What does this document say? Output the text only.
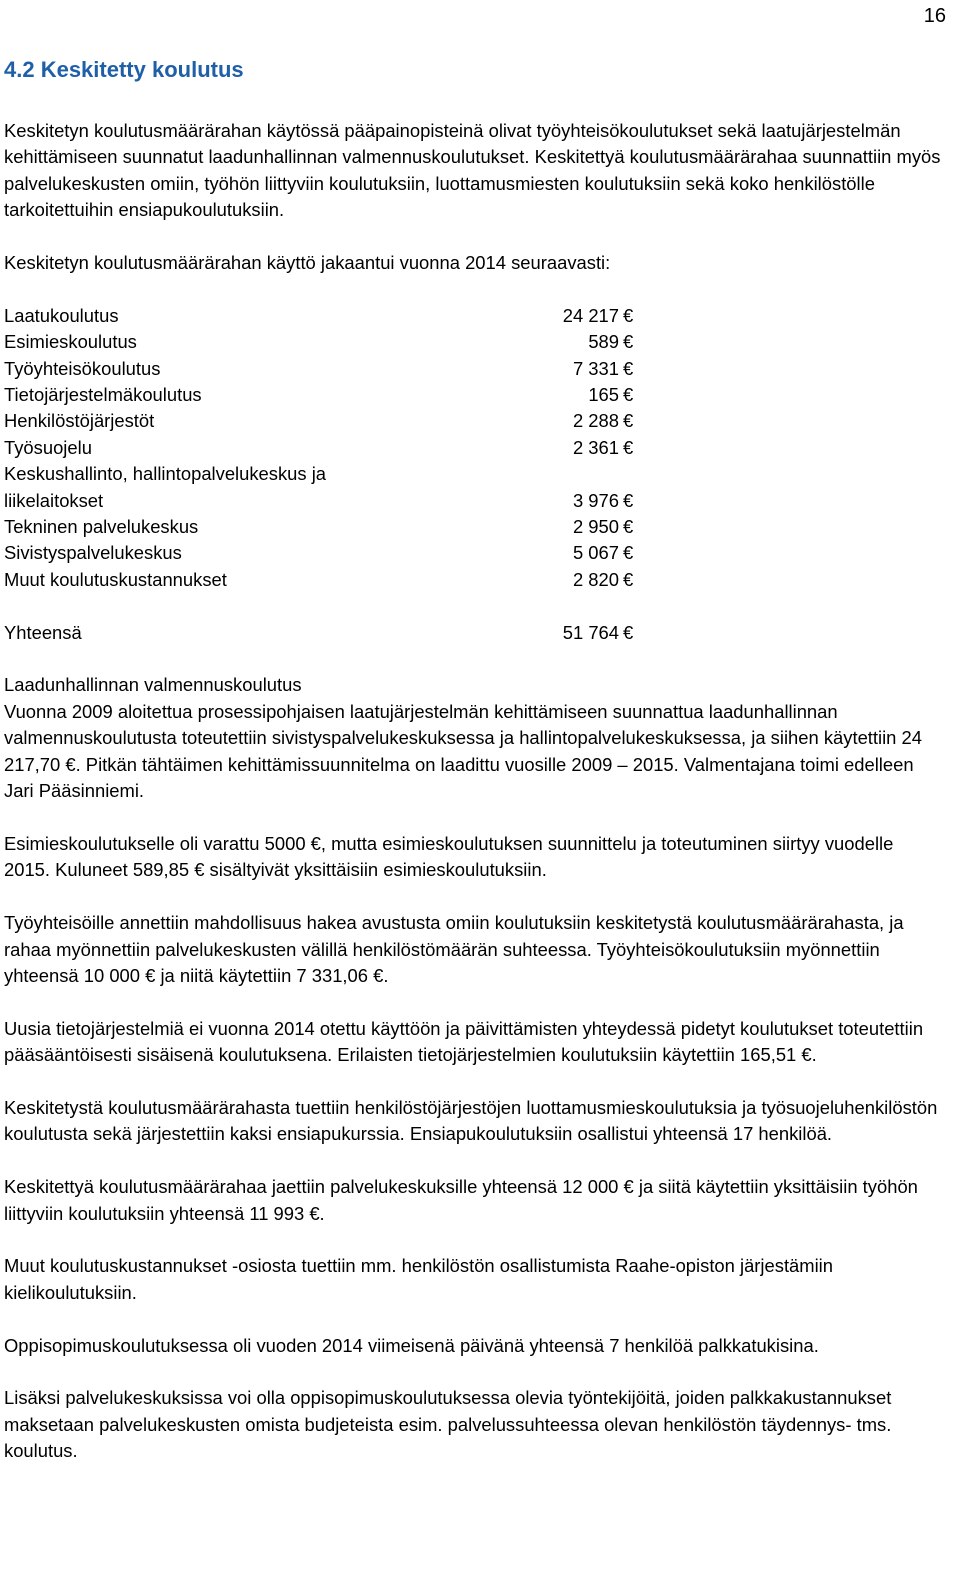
16
4.2 Keskitetty koulutus

Keskitetyn koulutusmäärärahan käytössä pääpainopisteinä olivat työyhteisökoulutukset sekä laatujärjestelmän kehittämiseen suunnatut laadunhallinnan valmennuskoulutukset. Keskitettyä koulutusmäärärahaa suunnattiin myös palvelukeskusten omiin, työhön liittyviin koulutuksiin, luottamusmiesten koulutuksiin sekä koko henkilöstölle tarkoitettuihin ensiapukoulutuksiin.

Keskitetyn koulutusmäärärahan käyttö jakaantui vuonna 2014 seuraavasti:

Laatukoulutus	24 217 €
Esimieskoulutus	589 €
Työyhteisökoulutus	7 331 €
Tietojärjestelmäkoulutus	165 €
Henkilöstöjärjestöt	2 288 €
Työsuojelu	2 361 €
Keskushallinto, hallintopalvelukeskus ja liikelaitokset	3 976 €
Tekninen palvelukeskus	2 950 €
Sivistyspalvelukeskus	5 067 €
Muut koulutuskustannukset	2 820 €
Yhteensä	51 764 €

Laadunhallinnan valmennuskoulutus

Vuonna 2009 aloitettua prosessipohjaisen laatujärjestelmän kehittämiseen suunnattua laadunhallinnan valmennuskoulutusta toteutettiin sivistyspalvelukeskuksessa ja hallintopalvelukeskuksessa, ja siihen käytettiin 24 217,70 €. Pitkän tähtäimen kehittämissuunnitelma on laadittu vuosille 2009 – 2015. Valmentajana toimi edelleen Jari Pääsinniemi.

Esimieskoulutukselle oli varattu 5000 €, mutta esimieskoulutuksen suunnittelu ja toteutuminen siirtyy vuodelle 2015. Kuluneet 589,85 € sisältyivät yksittäisiin esimieskoulutuksiin.

Työyhteisöille annettiin mahdollisuus hakea avustusta omiin koulutuksiin keskitetystä koulutusmäärärahasta, ja rahaa myönnettiin palvelukeskusten välillä henkilöstömäärän suhteessa. Työyhteisökoulutuksiin myönnettiin yhteensä 10 000 € ja niitä käytettiin 7 331,06 €.

Uusia tietojärjestelmiä ei vuonna 2014 otettu käyttöön ja päivittämisten yhteydessä pidetyt koulutukset toteutettiin pääsääntöisesti sisäisenä koulutuksena. Erilaisten tietojärjestelmien koulutuksiin käytettiin 165,51 €.

Keskitetystä koulutusmäärärahasta tuettiin henkilöstöjärjestöjen luottamusmieskoulutuksia ja työsuojeluhenkilöstön koulutusta sekä järjestettiin kaksi ensiapukurssia. Ensiapukoulutuksiin osallistui yhteensä 17 henkilöä.

Keskitettyä koulutusmäärärahaa jaettiin palvelukeskuksille yhteensä 12 000 € ja siitä käytettiin yksittäisiin työhön liittyviin koulutuksiin yhteensä 11 993 €.

Muut koulutuskustannukset -osiosta tuettiin mm. henkilöstön osallistumista Raahe-opiston järjestämiin kielikoulutuksiin.

Oppisopimuskoulutuksessa oli vuoden 2014 viimeisenä päivänä yhteensä 7 henkilöä palkkatukisina.

Lisäksi palvelukeskuksissa voi olla oppisopimuskoulutuksessa olevia työntekijöitä, joiden palkkakustannukset maksetaan palvelukeskusten omista budjeteista esim. palvelussuhteessa olevan henkilöstön täydennys- tms. koulutus.
